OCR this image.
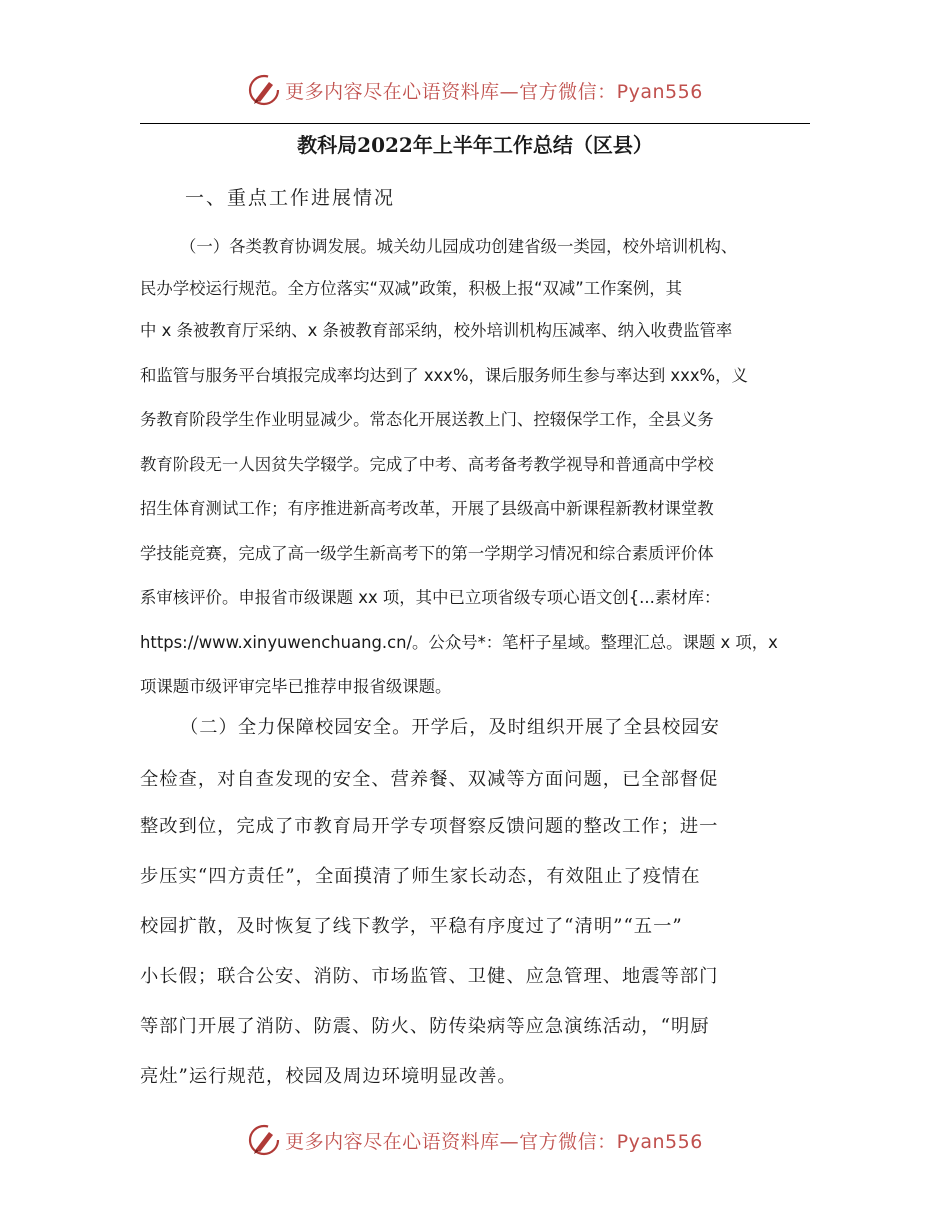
更多内容尽在心语资料库—官方微信：Pyan556
教科局2022年上半年工作总结（区县）
一、重点工作进展情况
（一）各类教育协调发展。城关幼儿园成功创建省级一类园，校外培训机构、
民办学校运行规范。全方位落实“双减”政策，积极上报“双减”工作案例，其
中 x 条被教育厅采纳、x 条被教育部采纳，校外培训机构压减率、纳入收费监管率
和监管与服务平台填报完成率均达到了 xxx%，课后服务师生参与率达到 xxx%，义
务教育阶段学生作业明显减少。常态化开展送教上门、控辍保学工作，全县义务
教育阶段无一人因贫失学辍学。完成了中考、高考备考教学视导和普通高中学校
招生体育测试工作；有序推进新高考改革，开展了县级高中新课程新教材课堂教
学技能竞赛，完成了高一级学生新高考下的第一学期学习情况和综合素质评价体
系审核评价。申报省市级课题 xx 项，其中已立项省级专项心语文创{...素材库：
https://www.xinyuwenchuang.cn/。公众号*：笔杆子星域。整理汇总。课题 x 项，x
项课题市级评审完毕已推荐申报省级课题。
（二）全力保障校园安全。开学后，及时组织开展了全县校园安
全检查，对自查发现的安全、营养餐、双减等方面问题，已全部督促
整改到位，完成了市教育局开学专项督察反馈问题的整改工作；进一
步压实“四方责任”，全面摸清了师生家长动态，有效阻止了疫情在
校园扩散，及时恢复了线下教学，平稳有序度过了“清明”“五一”
小长假；联合公安、消防、市场监管、卫健、应急管理、地震等部门
等部门开展了消防、防震、防火、防传染病等应急演练活动，“明厨
亮灶”运行规范，校园及周边环境明显改善。
更多内容尽在心语资料库—官方微信：Pyan556
